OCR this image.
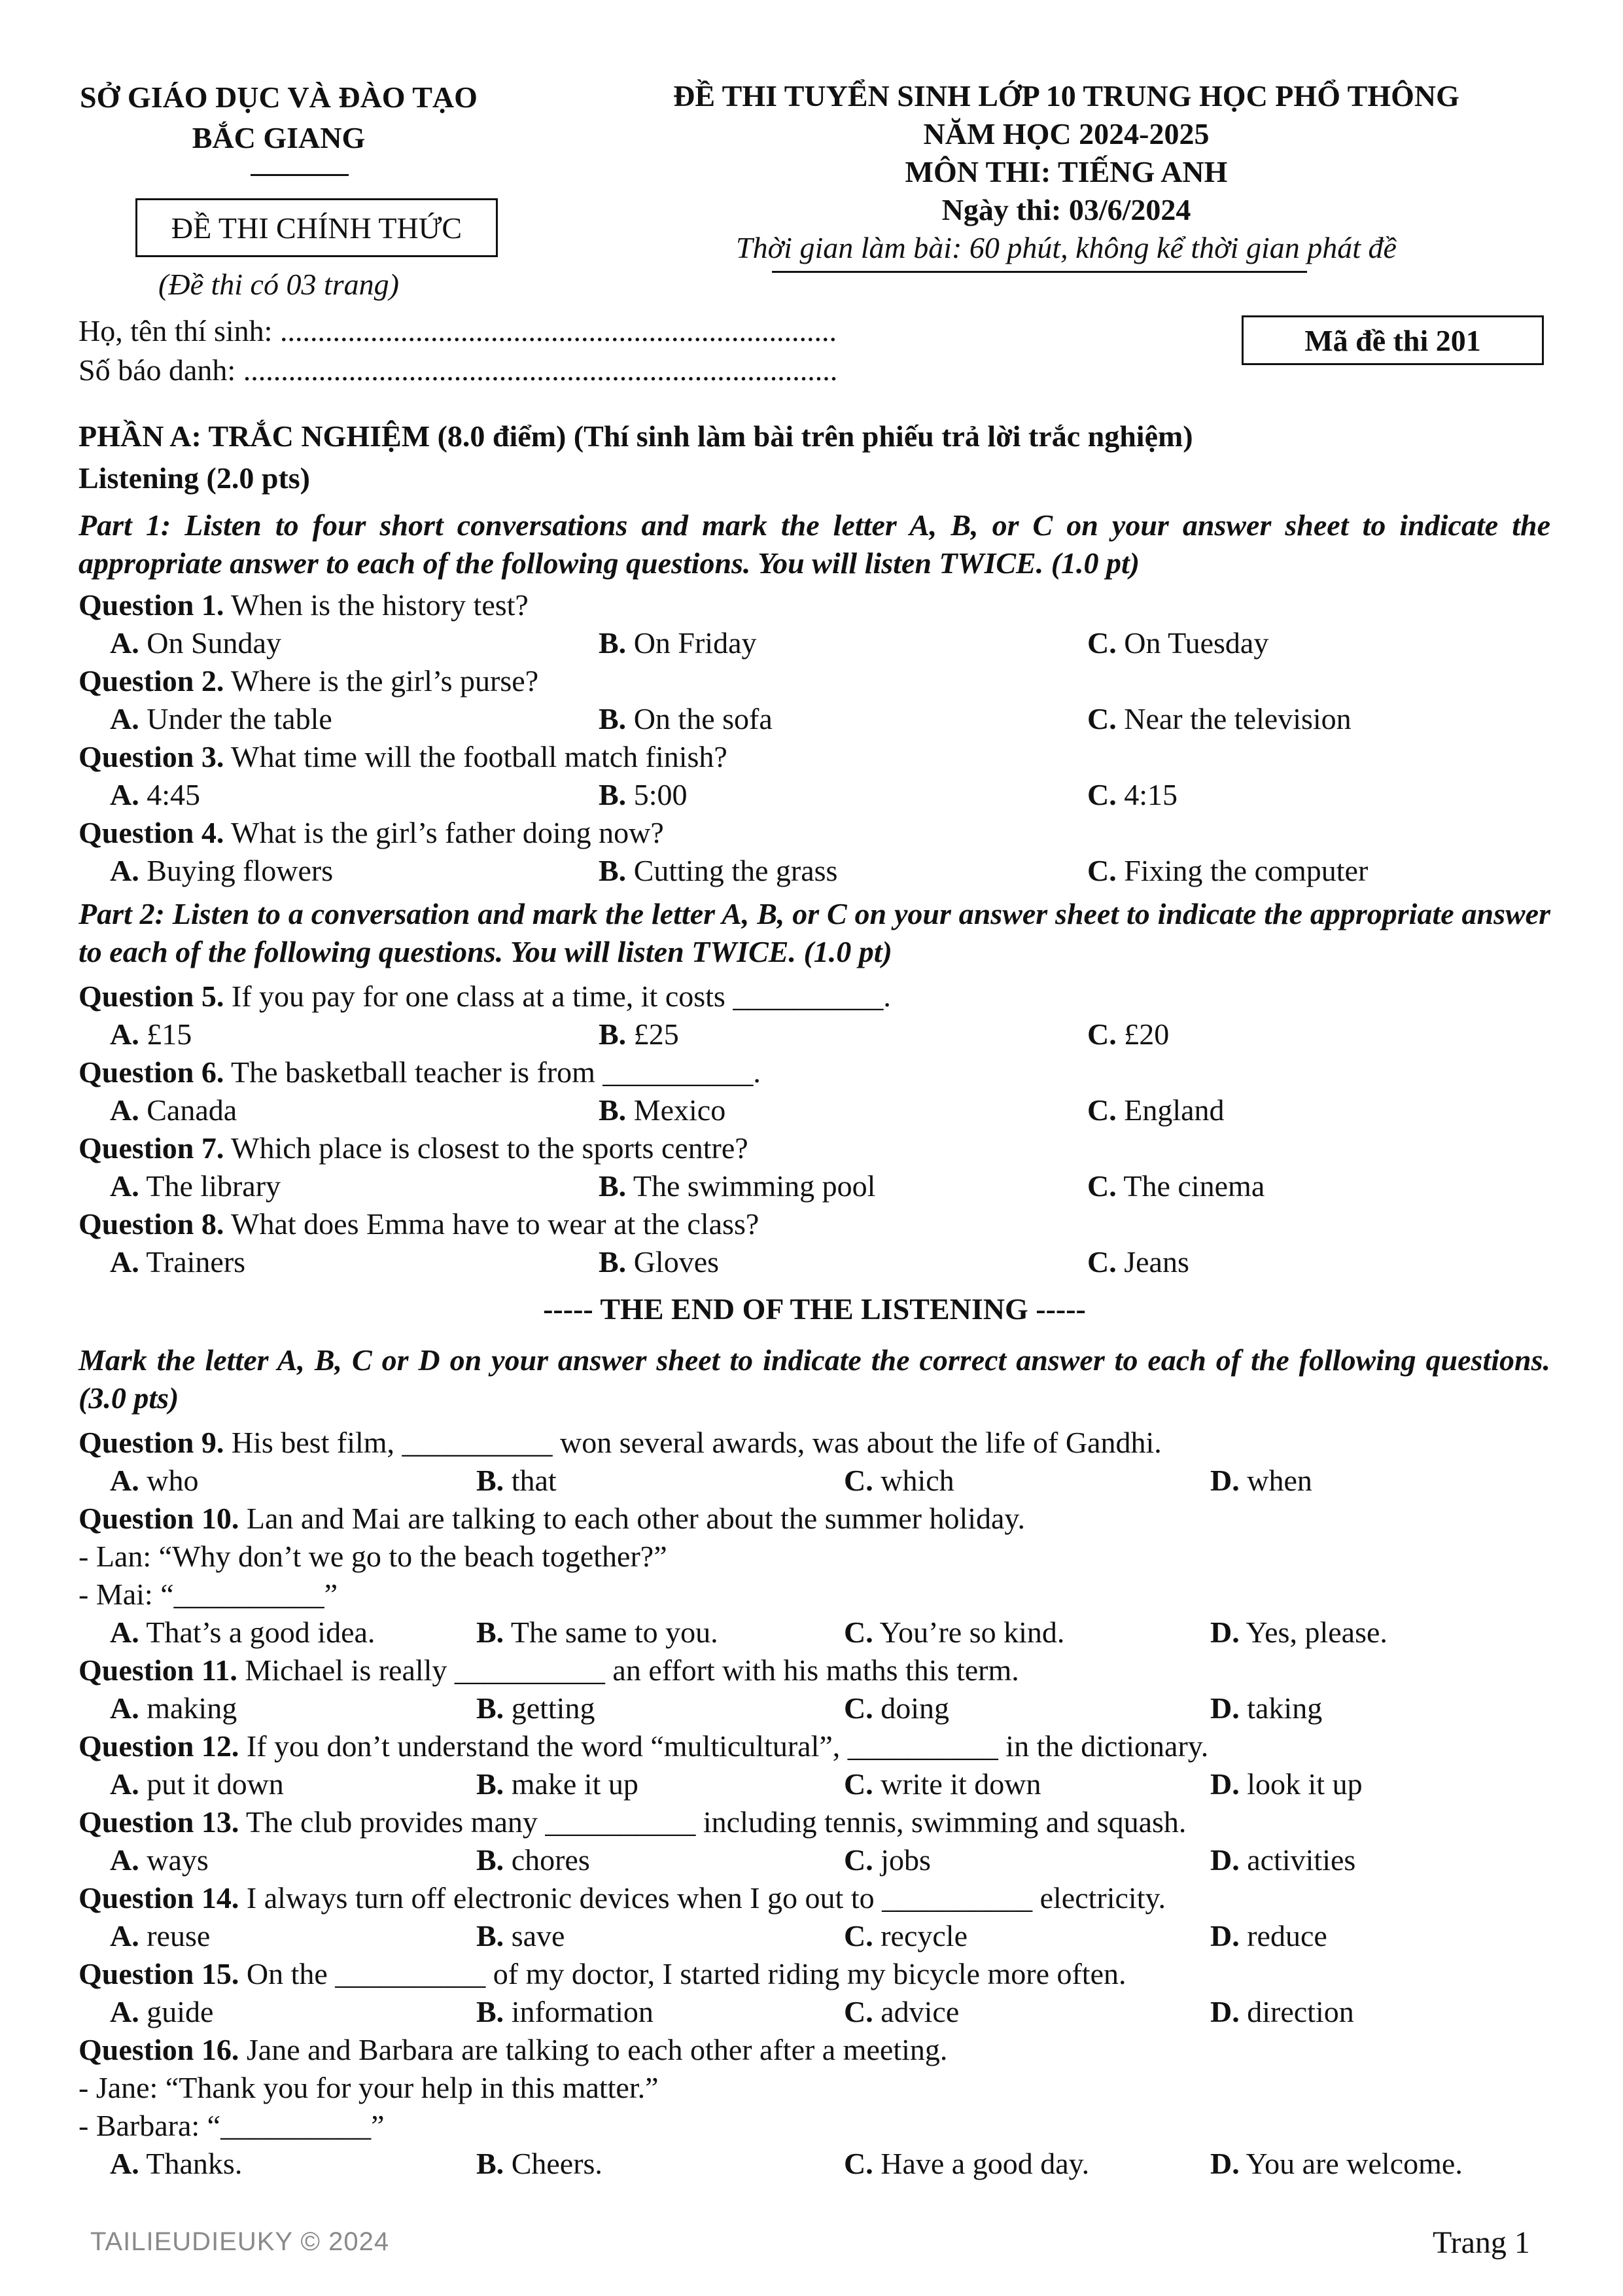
SỞ GIÁO DỤC VÀ ĐÀO TẠO
BẮC GIANG
ĐỀ THI CHÍNH THỨC
(Đề thi có 03 trang)
ĐỀ THI TUYỂN SINH LỚP 10 TRUNG HỌC PHỔ THÔNG
NĂM HỌC 2024-2025
MÔN THI: TIẾNG ANH
Ngày thi: 03/6/2024
Thời gian làm bài: 60 phút, không kể thời gian phát đề
Họ, tên thí sinh: ..........................................................................
Số báo danh: ...............................................................................
Mã đề thi 201
PHẦN A: TRẮC NGHIỆM (8.0 điểm) (Thí sinh làm bài trên phiếu trả lời trắc nghiệm)
Listening (2.0 pts)
Part 1: Listen to four short conversations and mark the letter A, B, or C on your answer sheet to indicate the appropriate answer to each of the following questions. You will listen TWICE. (1.0 pt)
Question 1. When is the history test?
A. On Sunday	B. On Friday	C. On Tuesday
Question 2. Where is the girl’s purse?
A. Under the table	B. On the sofa	C. Near the television
Question 3. What time will the football match finish?
A. 4:45	B. 5:00	C. 4:15
Question 4. What is the girl’s father doing now?
A. Buying flowers	B. Cutting the grass	C. Fixing the computer
Part 2: Listen to a conversation and mark the letter A, B, or C on your answer sheet to indicate the appropriate answer to each of the following questions. You will listen TWICE. (1.0 pt)
Question 5. If you pay for one class at a time, it costs __________.
A. £15	B. £25	C. £20
Question 6. The basketball teacher is from __________.
A. Canada	B. Mexico	C. England
Question 7. Which place is closest to the sports centre?
A. The library	B. The swimming pool	C. The cinema
Question 8. What does Emma have to wear at the class?
A. Trainers	B. Gloves	C. Jeans
----- THE END OF THE LISTENING -----
Mark the letter A, B, C or D on your answer sheet to indicate the correct answer to each of the following questions. (3.0 pts)
Question 9. His best film, __________ won several awards, was about the life of Gandhi.
A. who	B. that	C. which	D. when
Question 10. Lan and Mai are talking to each other about the summer holiday.
- Lan: “Why don’t we go to the beach together?”
- Mai: “__________”
A. That’s a good idea.	B. The same to you.	C. You’re so kind.	D. Yes, please.
Question 11. Michael is really __________ an effort with his maths this term.
A. making	B. getting	C. doing	D. taking
Question 12. If you don’t understand the word “multicultural”, __________ in the dictionary.
A. put it down	B. make it up	C. write it down	D. look it up
Question 13. The club provides many __________ including tennis, swimming and squash.
A. ways	B. chores	C. jobs	D. activities
Question 14. I always turn off electronic devices when I go out to __________ electricity.
A. reuse	B. save	C. recycle	D. reduce
Question 15. On the __________ of my doctor, I started riding my bicycle more often.
A. guide	B. information	C. advice	D. direction
Question 16. Jane and Barbara are talking to each other after a meeting.
- Jane: “Thank you for your help in this matter.”
- Barbara: “__________”
A. Thanks.	B. Cheers.	C. Have a good day.	D. You are welcome.
TAILIEUDIEUKY © 2024	Trang 1
